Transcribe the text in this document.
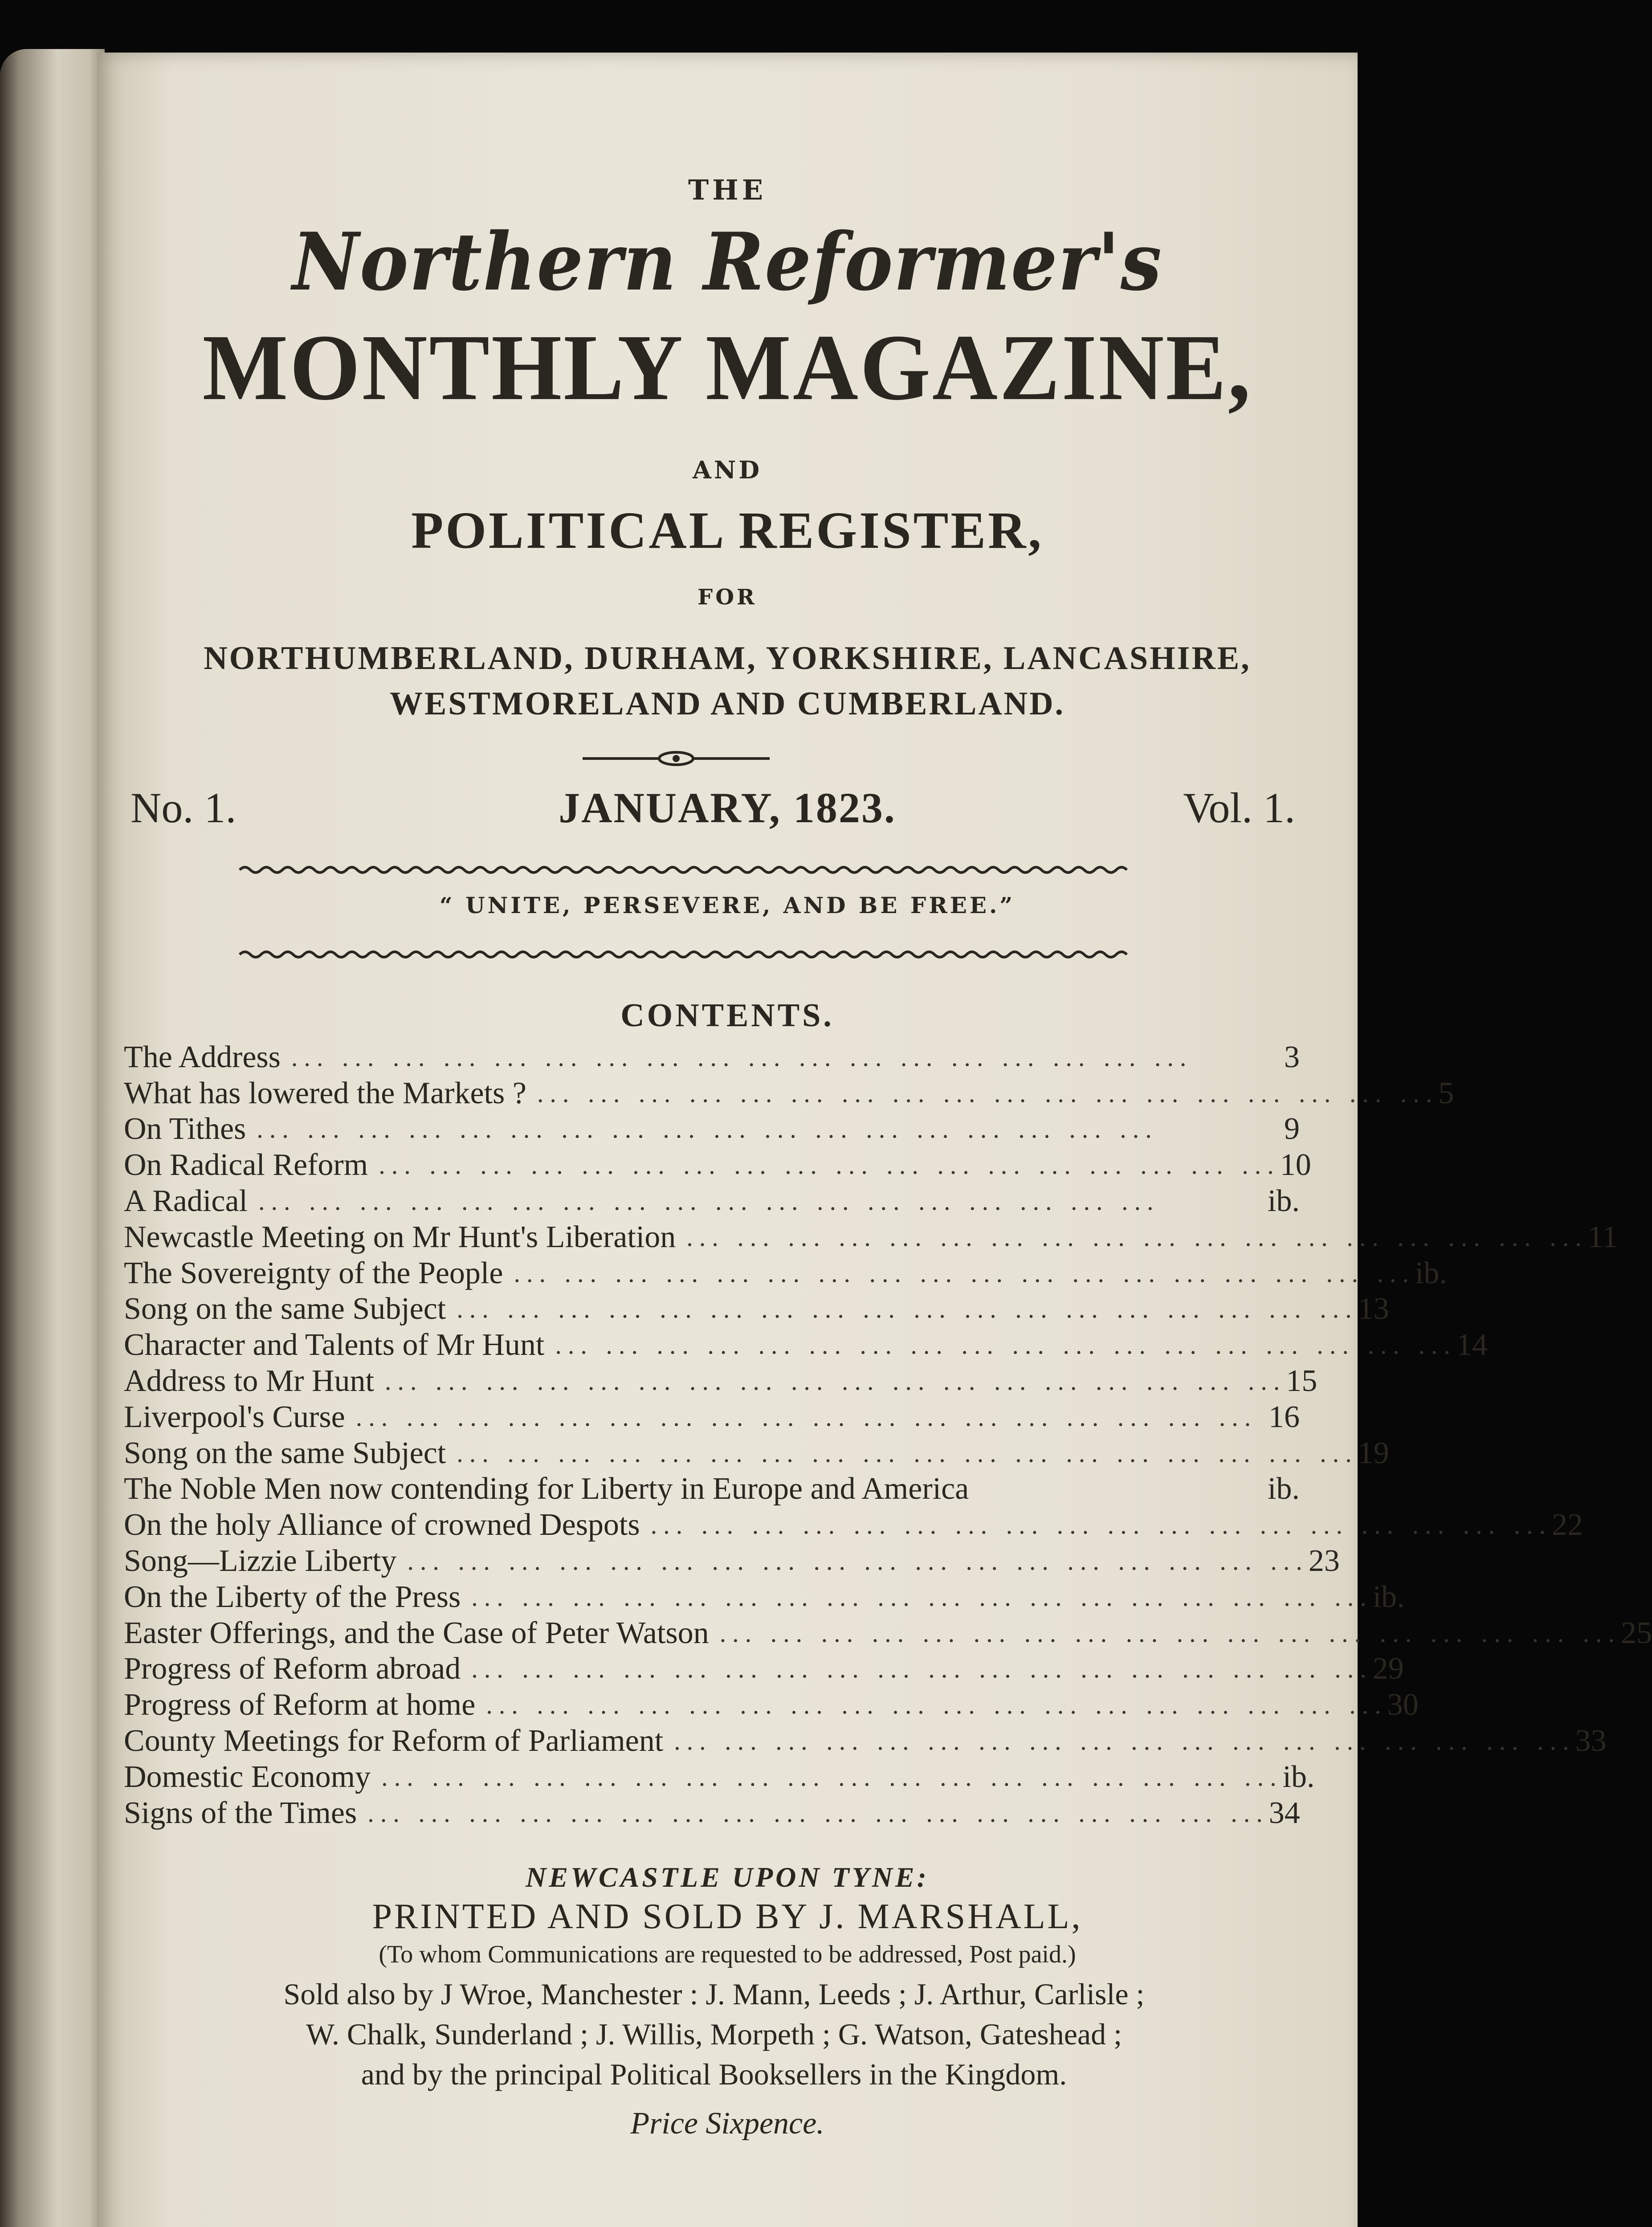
THE
Northern Reformer's
MONTHLY MAGAZINE,
AND
POLITICAL REGISTER,
FOR
NORTHUMBERLAND, DURHAM, YORKSHIRE, LANCASHIRE,
WESTMORELAND AND CUMBERLAND.
No. 1.	JANUARY, 1823.	Vol. 1.
“ UNITE, PERSEVERE, AND BE FREE.”
CONTENTS.
The Address ... ... ... ... ... ... ... ... ... ... ... ... ... ... ... ... ... ...	3
What has lowered the Markets ? ... ... ... ... ... ... ... ... ... ... ... ... ... ... ... ... ... ... 5
On Tithes ... ... ... ... ... ... ... ... ... ... ... ... ... ... ... ... ... ...	9
On Radical Reform ... ... ... ... ... ... ... ... ... ... ... ... ... ... ... ... ... ... 10
A Radical ... ... ... ... ... ... ... ... ... ... ... ... ... ... ... ... ... ...	ib.
Newcastle Meeting on Mr Hunt's Liberation ... ... ... ... ... ... ... ... ... ... ... ... ... ... ... ... ... ... 11
The Sovereignty of the People ... ... ... ... ... ... ... ... ... ... ... ... ... ... ... ... ... ... ib.
Song on the same Subject ... ... ... ... ... ... ... ... ... ... ... ... ... ... ... ... ... ... 13
Character and Talents of Mr Hunt ... ... ... ... ... ... ... ... ... ... ... ... ... ... ... ... ... ... 14
Address to Mr Hunt ... ... ... ... ... ... ... ... ... ... ... ... ... ... ... ... ... ... 15
Liverpool's Curse ... ... ... ... ... ... ... ... ... ... ... ... ... ... ... ... ... ... 16
Song on the same Subject ... ... ... ... ... ... ... ... ... ... ... ... ... ... ... ... ... ... 19
The Noble Men now contending for Liberty in Europe and America	ib.
On the holy Alliance of crowned Despots ... ... ... ... ... ... ... ... ... ... ... ... ... ... ... ... ... ... 22
Song—Lizzie Liberty ... ... ... ... ... ... ... ... ... ... ... ... ... ... ... ... ... ... 23
On the Liberty of the Press ... ... ... ... ... ... ... ... ... ... ... ... ... ... ... ... ... ... ib.
Easter Offerings, and the Case of Peter Watson ... ... ... ... ... ... ... ... ... ... ... ... ... ... ... ... ... ... 25
Progress of Reform abroad ... ... ... ... ... ... ... ... ... ... ... ... ... ... ... ... ... ... 29
Progress of Reform at home ... ... ... ... ... ... ... ... ... ... ... ... ... ... ... ... ... ... 30
County Meetings for Reform of Parliament ... ... ... ... ... ... ... ... ... ... ... ... ... ... ... ... ... ... 33
Domestic Economy ... ... ... ... ... ... ... ... ... ... ... ... ... ... ... ... ... ... ib.
Signs of the Times ... ... ... ... ... ... ... ... ... ... ... ... ... ... ... ... ... ... 34
NEWCASTLE UPON TYNE:
PRINTED AND SOLD BY J. MARSHALL,
(To whom Communications are requested to be addressed, Post paid.)
Sold also by J Wroe, Manchester : J. Mann, Leeds ; J. Arthur, Carlisle ;
W. Chalk, Sunderland ; J. Willis, Morpeth ; G. Watson, Gateshead ;
and by the principal Political Booksellers in the Kingdom.
Price Sixpence.
